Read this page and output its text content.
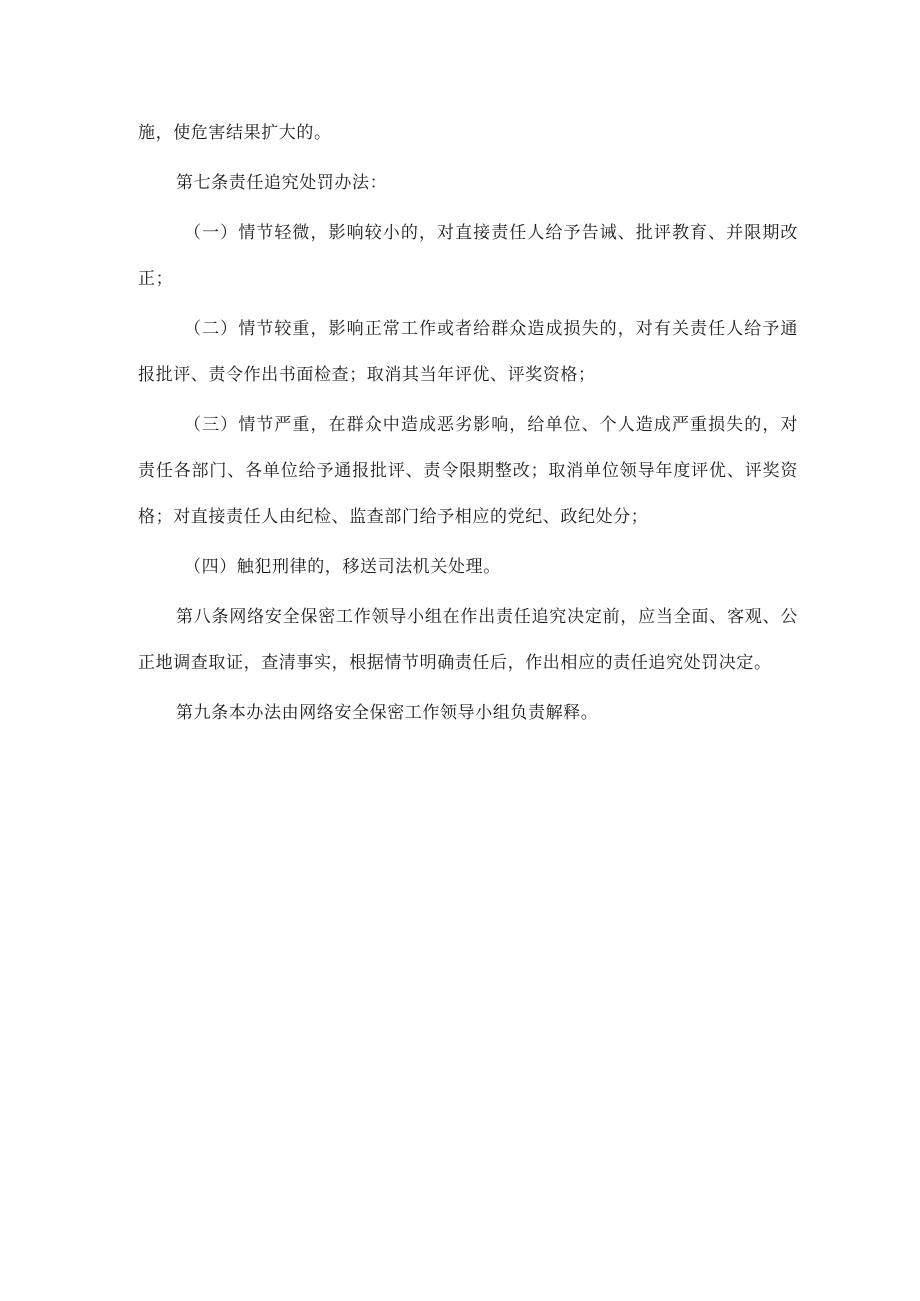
施，使危害结果扩大的。

第七条责任追究处罚办法：

（一）情节轻微，影响较小的，对直接责任人给予告诫、批评教育、并限期改正；

（二）情节较重，影响正常工作或者给群众造成损失的，对有关责任人给予通报批评、责令作出书面检查；取消其当年评优、评奖资格；

（三）情节严重，在群众中造成恶劣影响，给单位、个人造成严重损失的，对责任各部门、各单位给予通报批评、责令限期整改；取消单位领导年度评优、评奖资格；对直接责任人由纪检、监查部门给予相应的党纪、政纪处分；

（四）触犯刑律的，移送司法机关处理。

第八条网络安全保密工作领导小组在作出责任追究决定前，应当全面、客观、公正地调查取证，查清事实，根据情节明确责任后，作出相应的责任追究处罚决定。

第九条本办法由网络安全保密工作领导小组负责解释。
